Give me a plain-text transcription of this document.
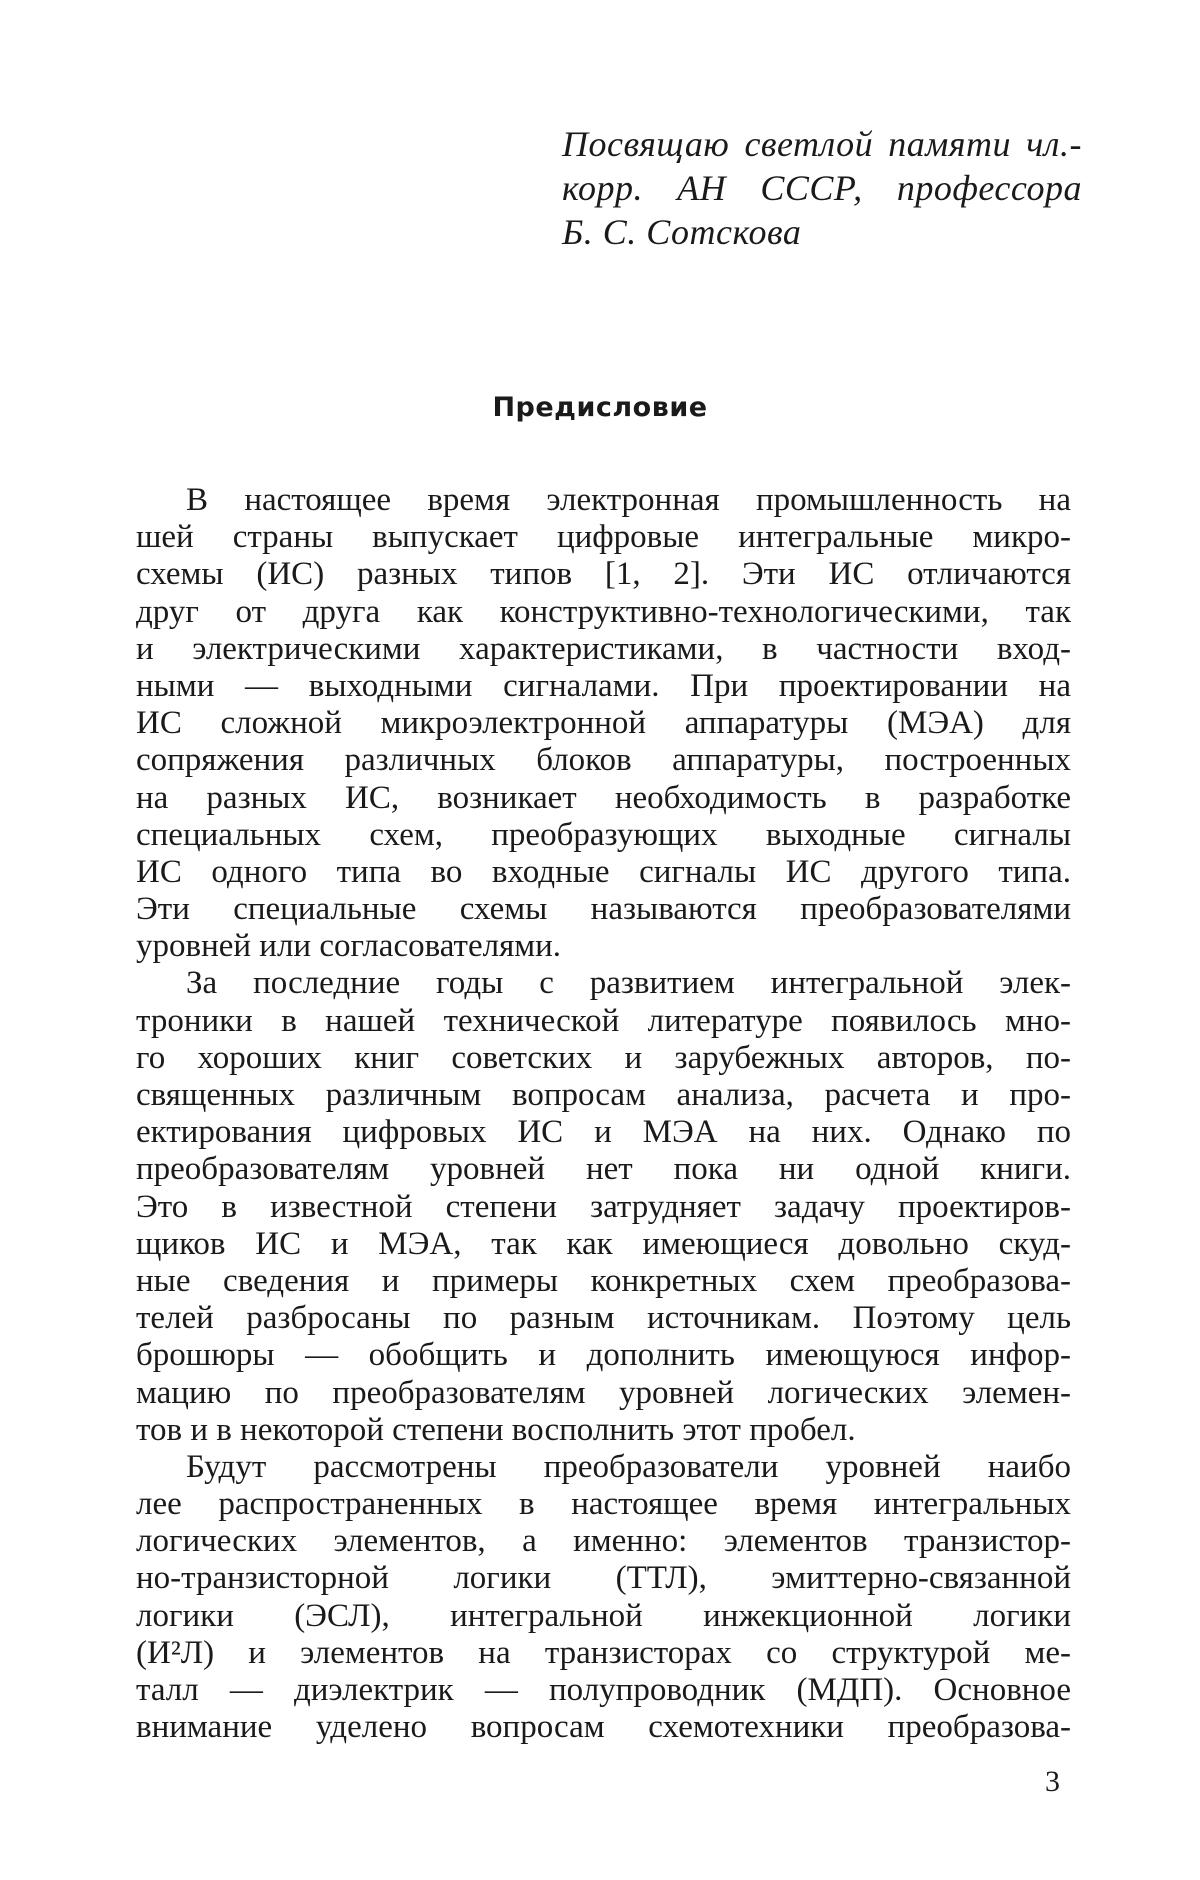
Посвящаю светлой памяти чл.-
корр. АН СССР, профессора
Б. С. Сотскова
Предисловие
В настоящее время электронная промышленность на
шей страны выпускает цифровые интегральные микро-
схемы (ИС) разных типов [1, 2]. Эти ИС отличаются
друг от друга как конструктивно-технологическими, так
и электрическими характеристиками, в частности вход-
ными — выходными сигналами. При проектировании на
ИС сложной микроэлектронной аппаратуры (МЭА) для
сопряжения различных блоков аппаратуры, построенных
на разных ИС, возникает необходимость в разработке
специальных схем, преобразующих выходные сигналы
ИС одного типа во входные сигналы ИС другого типа.
Эти специальные схемы называются преобразователями
уровней или согласователями.
За последние годы с развитием интегральной элек-
троники в нашей технической литературе появилось мно-
го хороших книг советских и зарубежных авторов, по-
священных различным вопросам анализа, расчета и про-
ектирования цифровых ИС и МЭА на них. Однако по
преобразователям уровней нет пока ни одной книги.
Это в известной степени затрудняет задачу проектиров-
щиков ИС и МЭА, так как имеющиеся довольно скуд-
ные сведения и примеры конкретных схем преобразова-
телей разбросаны по разным источникам. Поэтому цель
брошюры — обобщить и дополнить имеющуюся инфор-
мацию по преобразователям уровней логических элемен-
тов и в некоторой степени восполнить этот пробел.
Будут рассмотрены преобразователи уровней наибо
лее распространенных в настоящее время интегральных
логических элементов, а именно: элементов транзистор-
но-транзисторной логики (ТТЛ), эмиттерно-связанной
логики (ЭСЛ), интегральной инжекционной логики
(И²Л) и элементов на транзисторах со структурой ме-
талл — диэлектрик — полупроводник (МДП). Основное
внимание уделено вопросам схемотехники преобразова-
3
